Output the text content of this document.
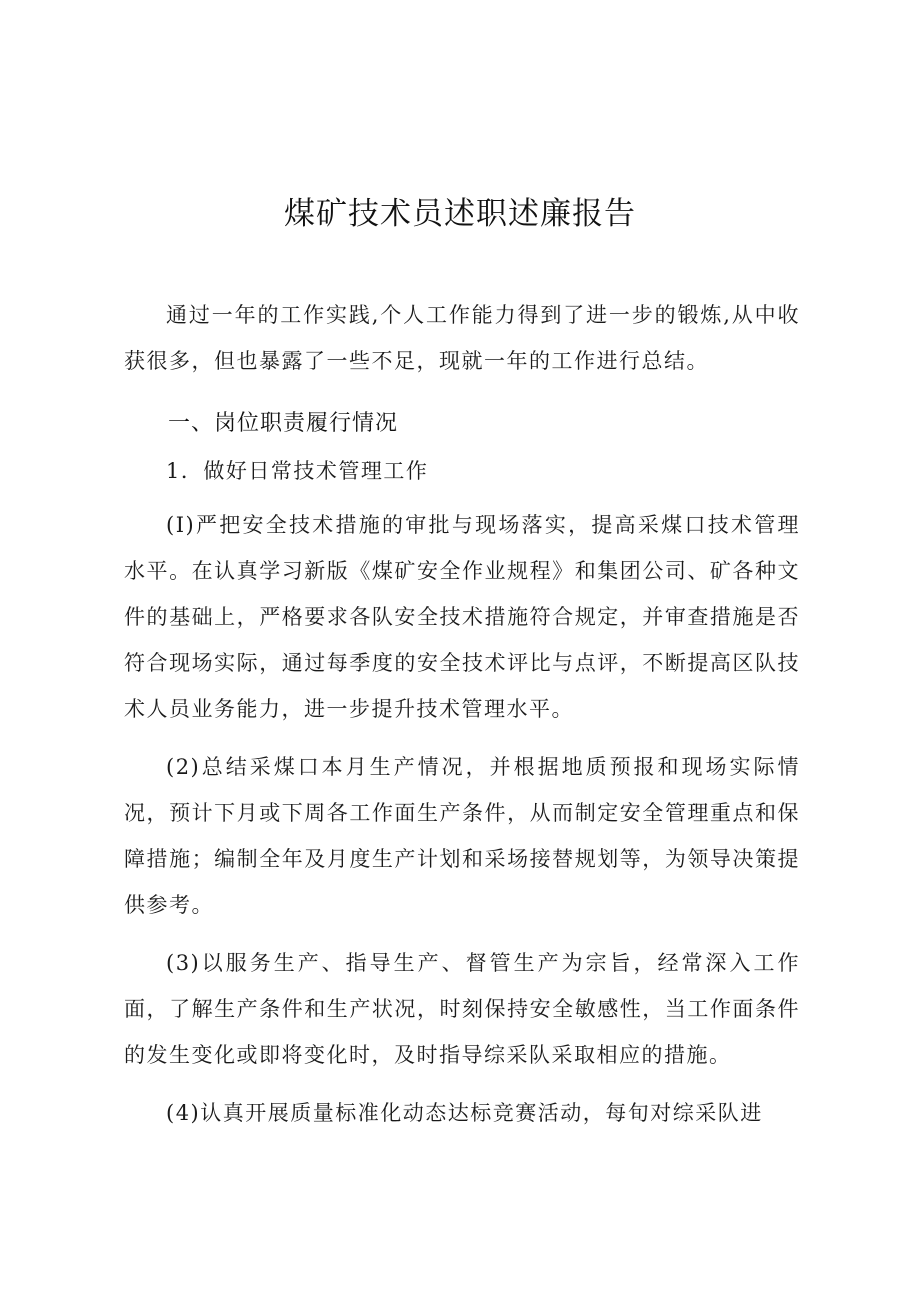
煤矿技术员述职述廉报告

通过一年的工作实践,个人工作能力得到了进一步的锻炼,从中收获很多，但也暴露了一些不足，现就一年的工作进行总结。

一、岗位职责履行情况

1．做好日常技术管理工作

(I)严把安全技术措施的审批与现场落实，提高采煤口技术管理水平。在认真学习新版《煤矿安全作业规程》和集团公司、矿各种文件的基础上，严格要求各队安全技术措施符合规定，并审查措施是否符合现场实际，通过每季度的安全技术评比与点评，不断提高区队技术人员业务能力，进一步提升技术管理水平。

(2)总结采煤口本月生产情况，并根据地质预报和现场实际情况，预计下月或下周各工作面生产条件，从而制定安全管理重点和保障措施；编制全年及月度生产计划和采场接替规划等，为领导决策提供参考。

(3)以服务生产、指导生产、督管生产为宗旨，经常深入工作面，了解生产条件和生产状况，时刻保持安全敏感性，当工作面条件的发生变化或即将变化时，及时指导综采队采取相应的措施。

(4)认真开展质量标准化动态达标竞赛活动，每旬对综采队进
